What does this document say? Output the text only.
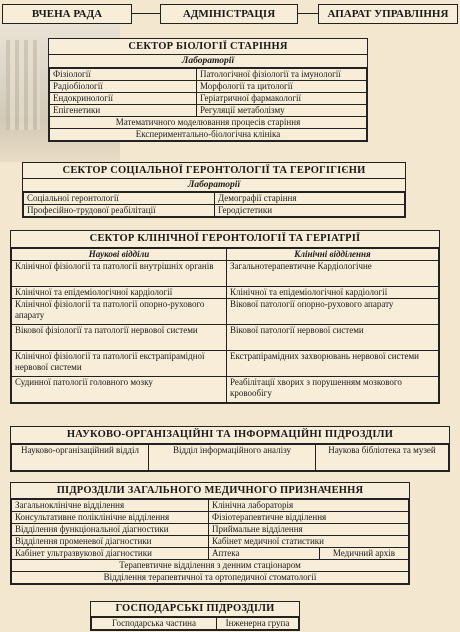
ВЧЕНА РАДА	АДМІНІСТРАЦІЯ	АПАРАТ УПРАВЛІННЯ
СЕКТОР БІОЛОГІЇ СТАРІННЯ
Лабораторії
Фізіології	Патологічної фізіології та імунології
Радіобіології	Морфології та цитології
Ендокринології	Геріатричної фармакології
Епігенетики	Регуляції метаболізму
Математичного моделювання процесів старіння	
Експериментально-біологічна клініка	
СЕКТОР СОЦІАЛЬНОЇ ГЕРОНТОЛОГІЇ ТА ГЕРОГІГІЄНИ
Лабораторії
Соціальної геронтології	Демографії старіння
Професійно-трудової реабілітації	Геродієтетики
СЕКТОР КЛІНІЧНОЇ ГЕРОНТОЛОГІЇ ТА ГЕРІАТРІЇ
Наукові відділи	Клінічні відділення
Клінічної фізіології та патології внутрішніх органів	Загальнотерапевтичне Кардіологічне
Клінічної та епідеміологічної кардіології	Клінічної та епідеміологічної кардіології
Клінічної фізіології та патології опорно-рухового апарату	Вікової патології опорно-рухового апарату
Вікової фізіології та патології нервової системи	Вікової патології нервової системи
Клінічної фізіології та патології екстрапірамідної нервової системи	Екстрапірамідних захворювань нервової системи
Судинної патології головного мозку	Реабілітації хворих з порушенням мозкового кровообігу
НАУКОВО-ОРГАНІЗАЦІЙНІ ТА ІНФОРМАЦІЙНІ ПІДРОЗДІЛИ
Науково-організаційний відділ	Відділ інформаційного аналізу	Наукова бібліотека та музей
ПІДРОЗДІЛИ ЗАГАЛЬНОГО МЕДИЧНОГО ПРИЗНАЧЕННЯ
Загальноклінічне відділення	Клінічна лабораторія	
Консультативне поліклінічне відділення	Фізіотерапевтичне відділення	
Відділення функціональної діагностики	Приймальне відділення	
Відділення променевої діагностики	Кабінет медичної статистики	
Кабінет ультразвукової діагностики	Аптека	Медичний архів
Терапевтичне відділення з денним стаціонаром		
Відділення терапевтичної та ортопедичної стоматології		
ГОСПОДАРСЬКІ ПІДРОЗДІЛИ
Господарська частина	Інженерна група
